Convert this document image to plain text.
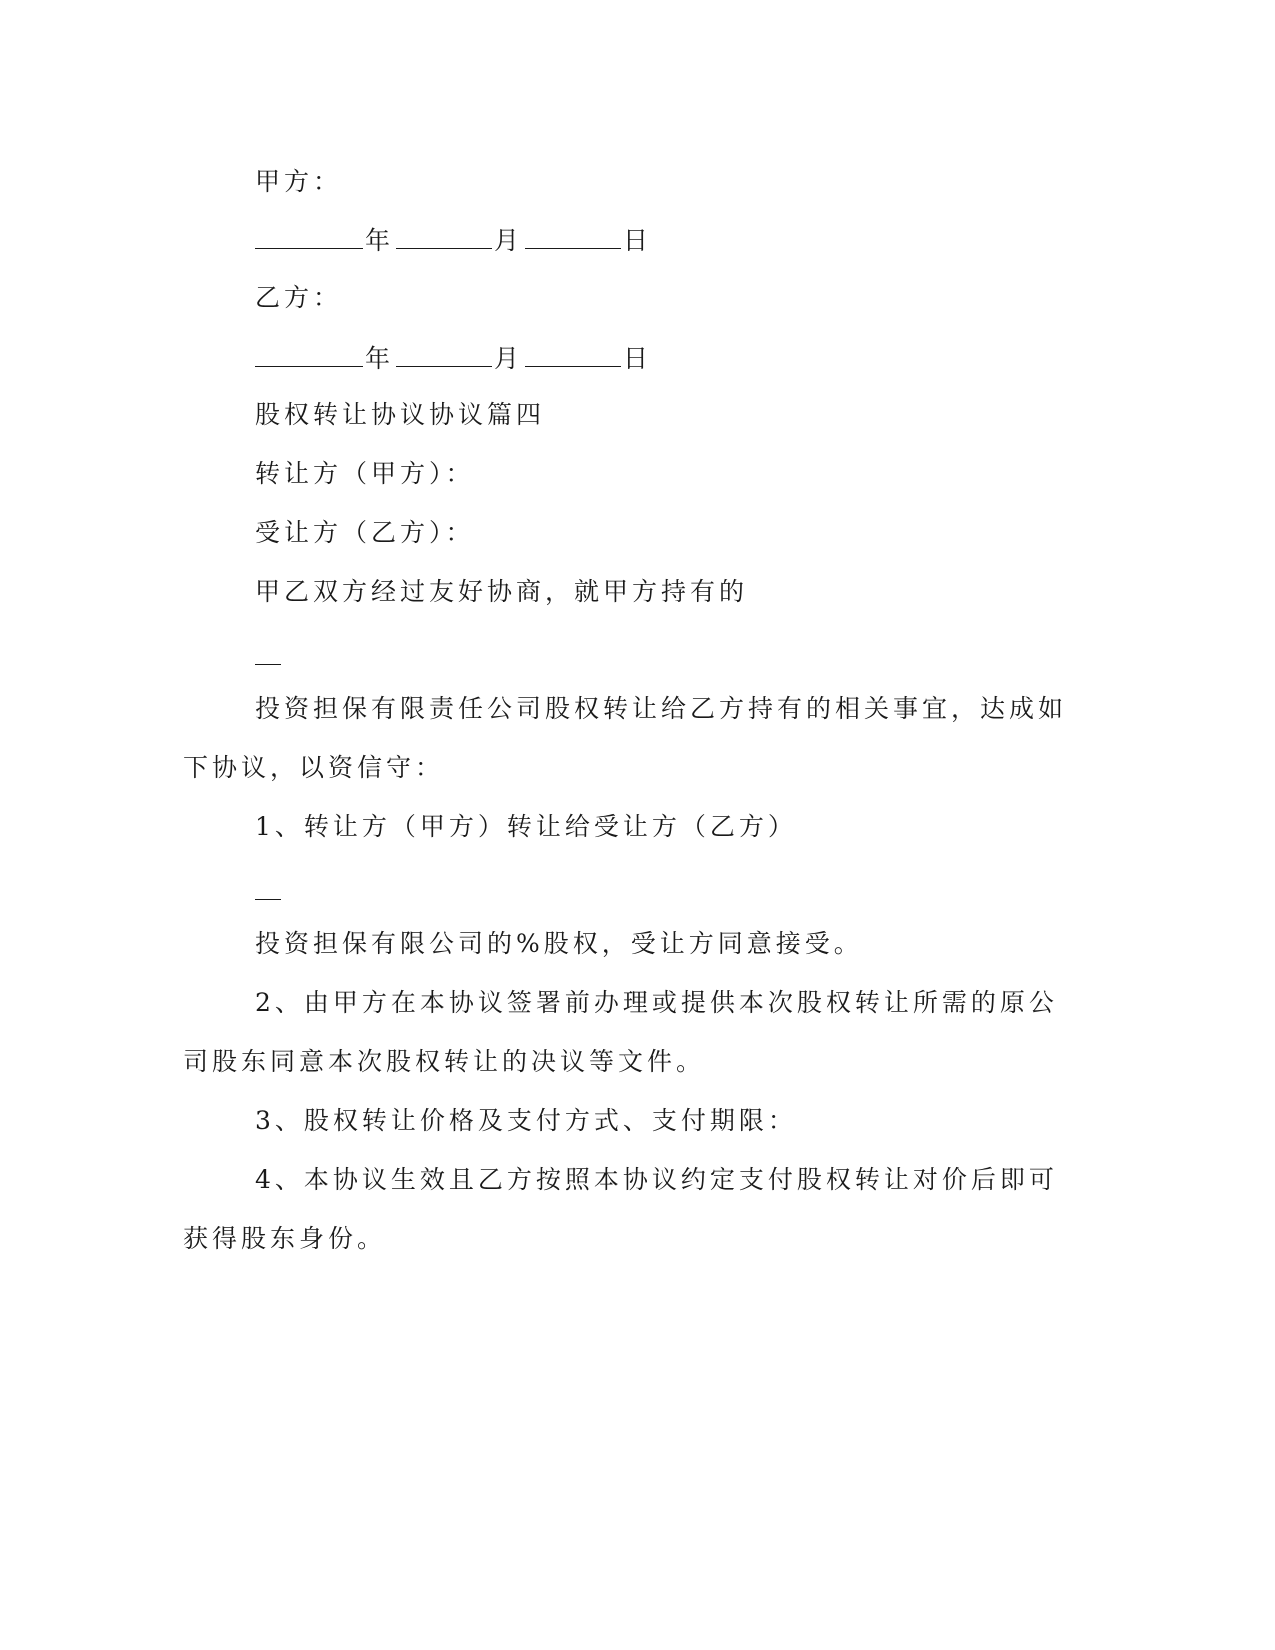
甲方：
年	月	日
乙方：
年	月	日
股权转让协议协议篇四
转让方（甲方）：
受让方（乙方）：
甲乙双方经过友好协商，就甲方持有的
投资担保有限责任公司股权转让给乙方持有的相关事宜，达成如
下协议，以资信守：
1、转让方（甲方）转让给受让方（乙方）
投资担保有限公司的%股权，受让方同意接受。
2、由甲方在本协议签署前办理或提供本次股权转让所需的原公
司股东同意本次股权转让的决议等文件。
3、股权转让价格及支付方式、支付期限：
4、本协议生效且乙方按照本协议约定支付股权转让对价后即可
获得股东身份。
